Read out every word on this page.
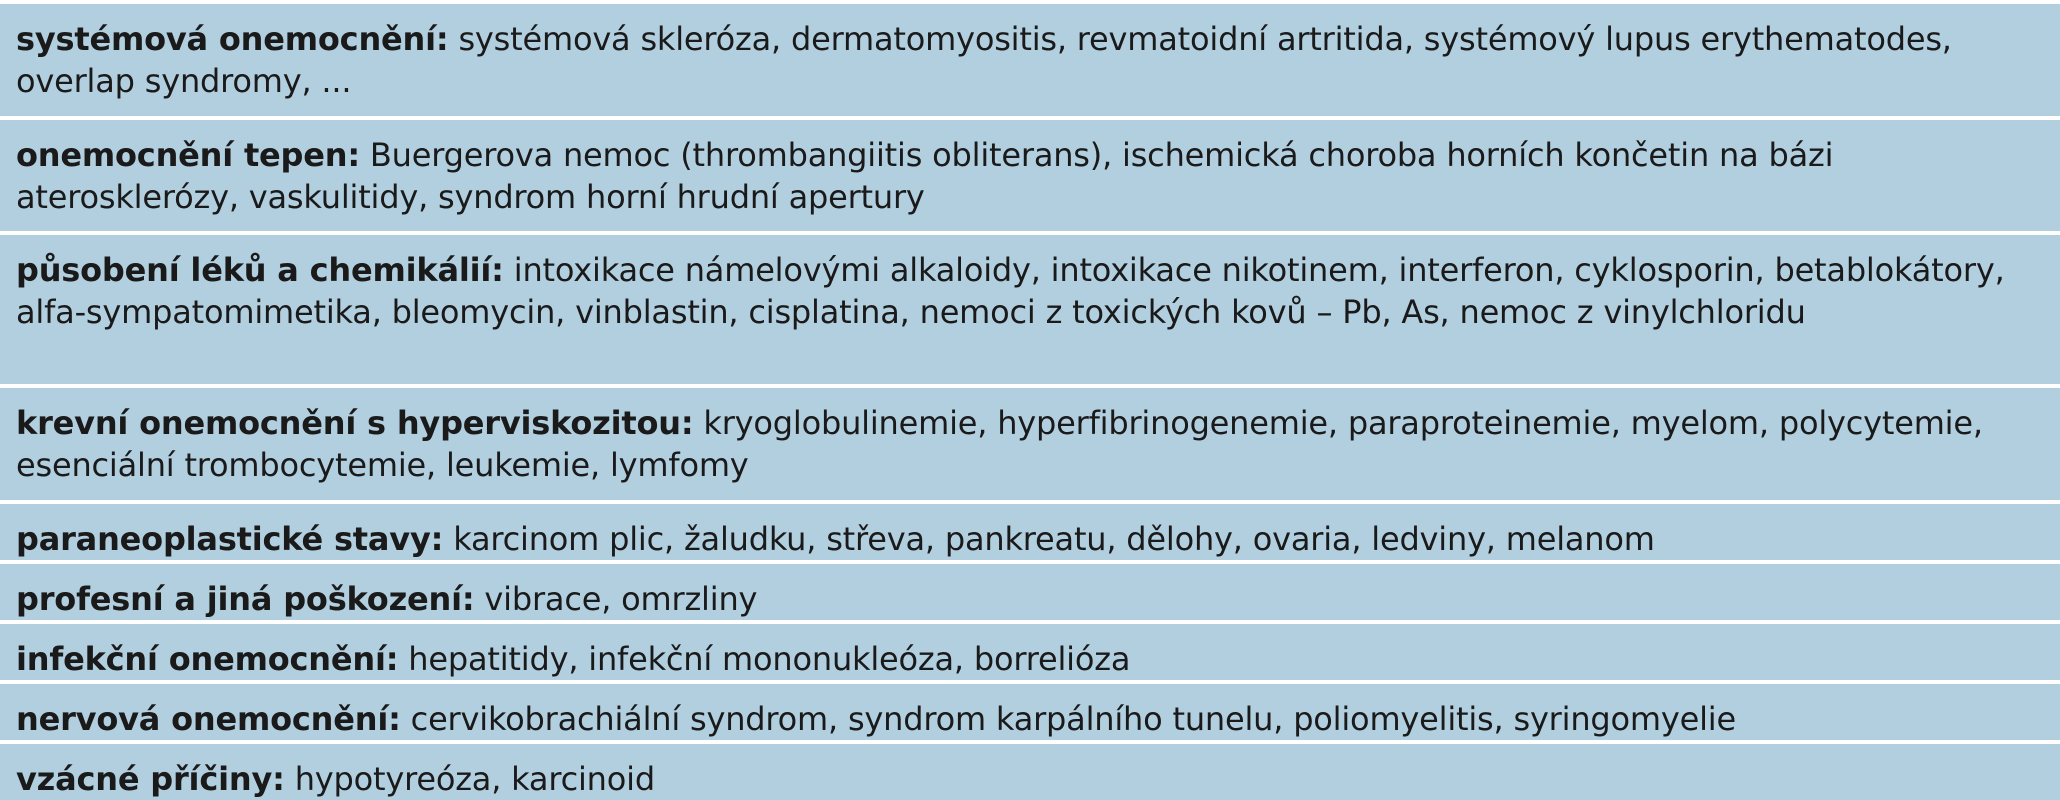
systémová onemocnění: systémová skleróza, dermatomyositis, revmatoidní artritida, systémový lupus erythematodes, overlap syndromy, ...
onemocnění tepen: Buergerova nemoc (thrombangiitis obliterans), ischemická choroba horních končetin na bázi aterosklerózy, vaskulitidy, syndrom horní hrudní apertury
působení léků a chemikálií: intoxikace námelovými alkaloidy, intoxikace nikotinem, interferon, cyklosporin, betablokátory, alfa-sympatomimetika, bleomycin, vinblastin, cisplatina, nemoci z toxických kovů – Pb, As, nemoc z vinylchloridu
krevní onemocnění s hyperviskozitou: kryoglobulinemie, hyperfibrinogenemie, paraproteinemie, myelom, polycytemie, esenciální trombocytemie, leukemie, lymfomy
paraneoplastické stavy: karcinom plic, žaludku, střeva, pankreatu, dělohy, ovaria, ledviny, melanom
profesní a jiná poškození: vibrace, omrzliny
infekční onemocnění: hepatitidy, infekční mononukleóza, borrelióza
nervová onemocnění: cervikobrachiální syndrom, syndrom karpálního tunelu, poliomyelitis, syringomyelie
vzácné příčiny: hypotyreóza, karcinoid
